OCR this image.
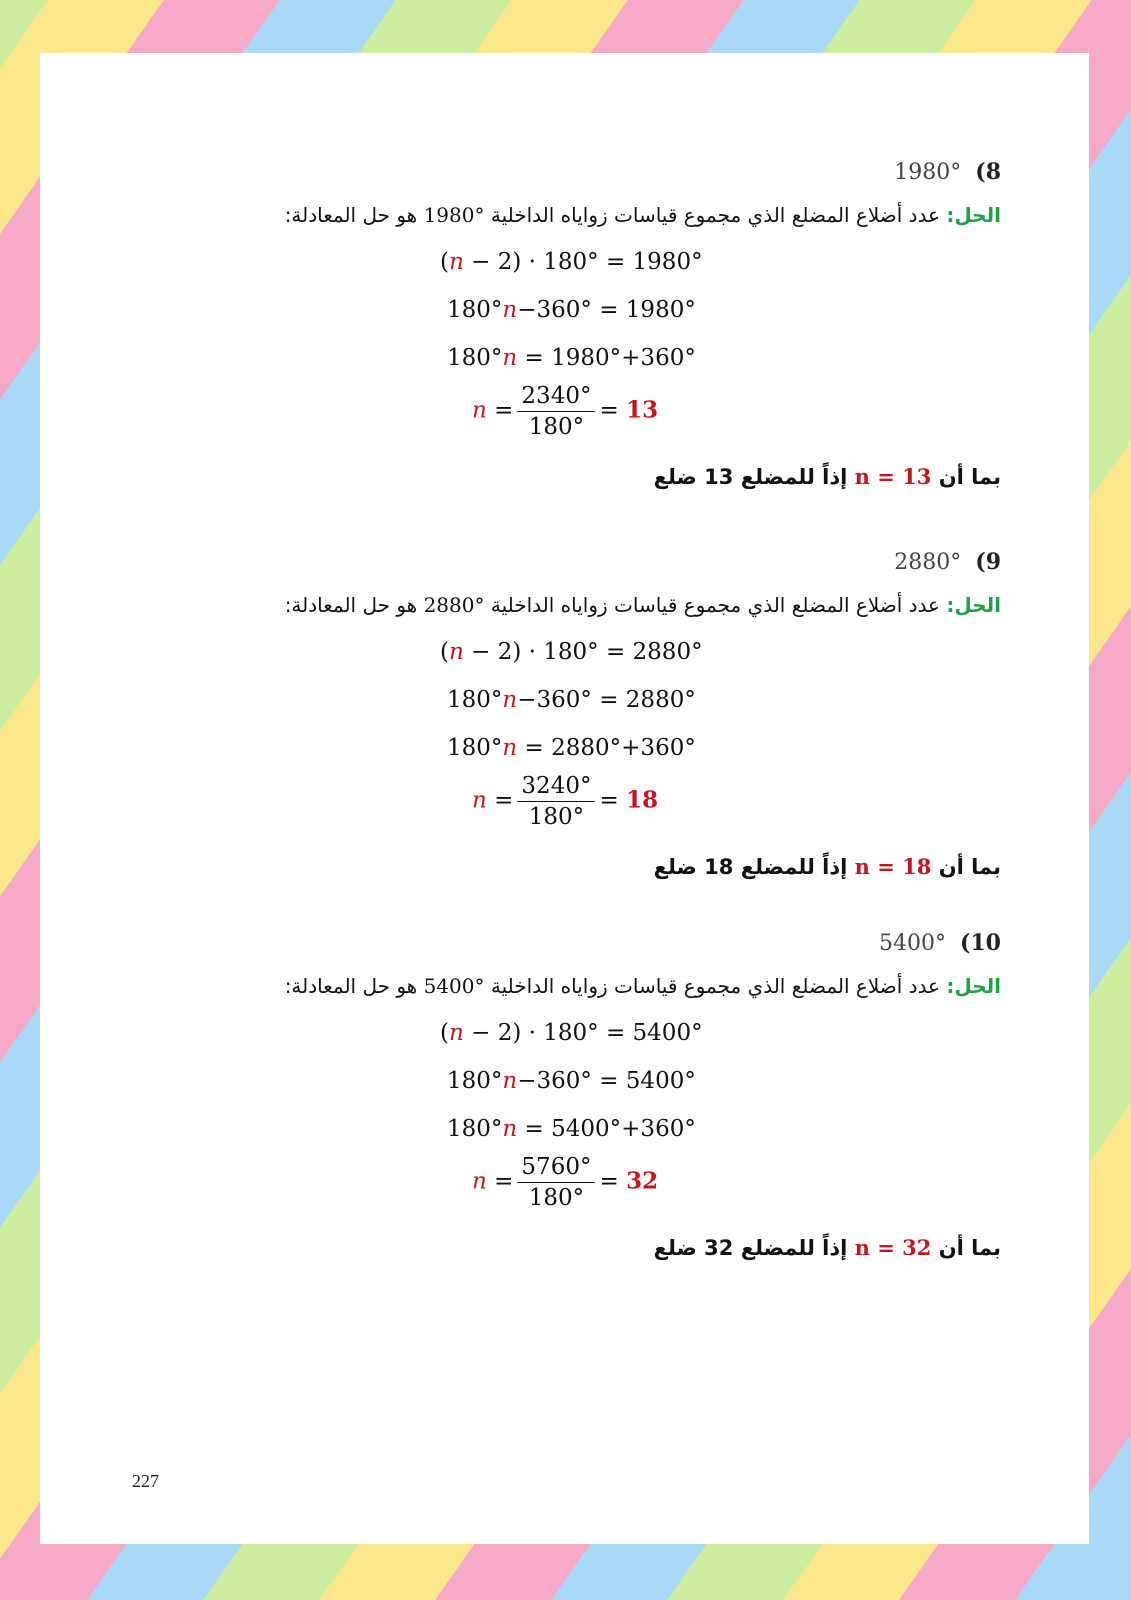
1980° (8
الحل: عدد أضلاع المضلع الذي مجموع قياسات زواياه الداخلية 1980° هو حل المعادلة:
(n − 2) · 180° = 1980°
180°n−360° = 1980°
180°n = 1980°+360°
$n = \frac{2340^\circ}{180^\circ} = 13$
بما أن n = 13 إذاً للمضلع 13 ضلع
2880° (9
الحل: عدد أضلاع المضلع الذي مجموع قياسات زواياه الداخلية 2880° هو حل المعادلة:
(n − 2) · 180° = 2880°
180°n−360° = 2880°
180°n = 2880°+360°
$n = \frac{3240^\circ}{180^\circ} = 18$
بما أن n = 18 إذاً للمضلع 18 ضلع
5400° (10
الحل: عدد أضلاع المضلع الذي مجموع قياسات زواياه الداخلية 5400° هو حل المعادلة:
(n − 2) · 180° = 5400°
180°n−360° = 5400°
180°n = 5400°+360°
$n = \frac{5760^\circ}{180^\circ} = 32$
بما أن n = 32 إذاً للمضلع 32 ضلع
227
